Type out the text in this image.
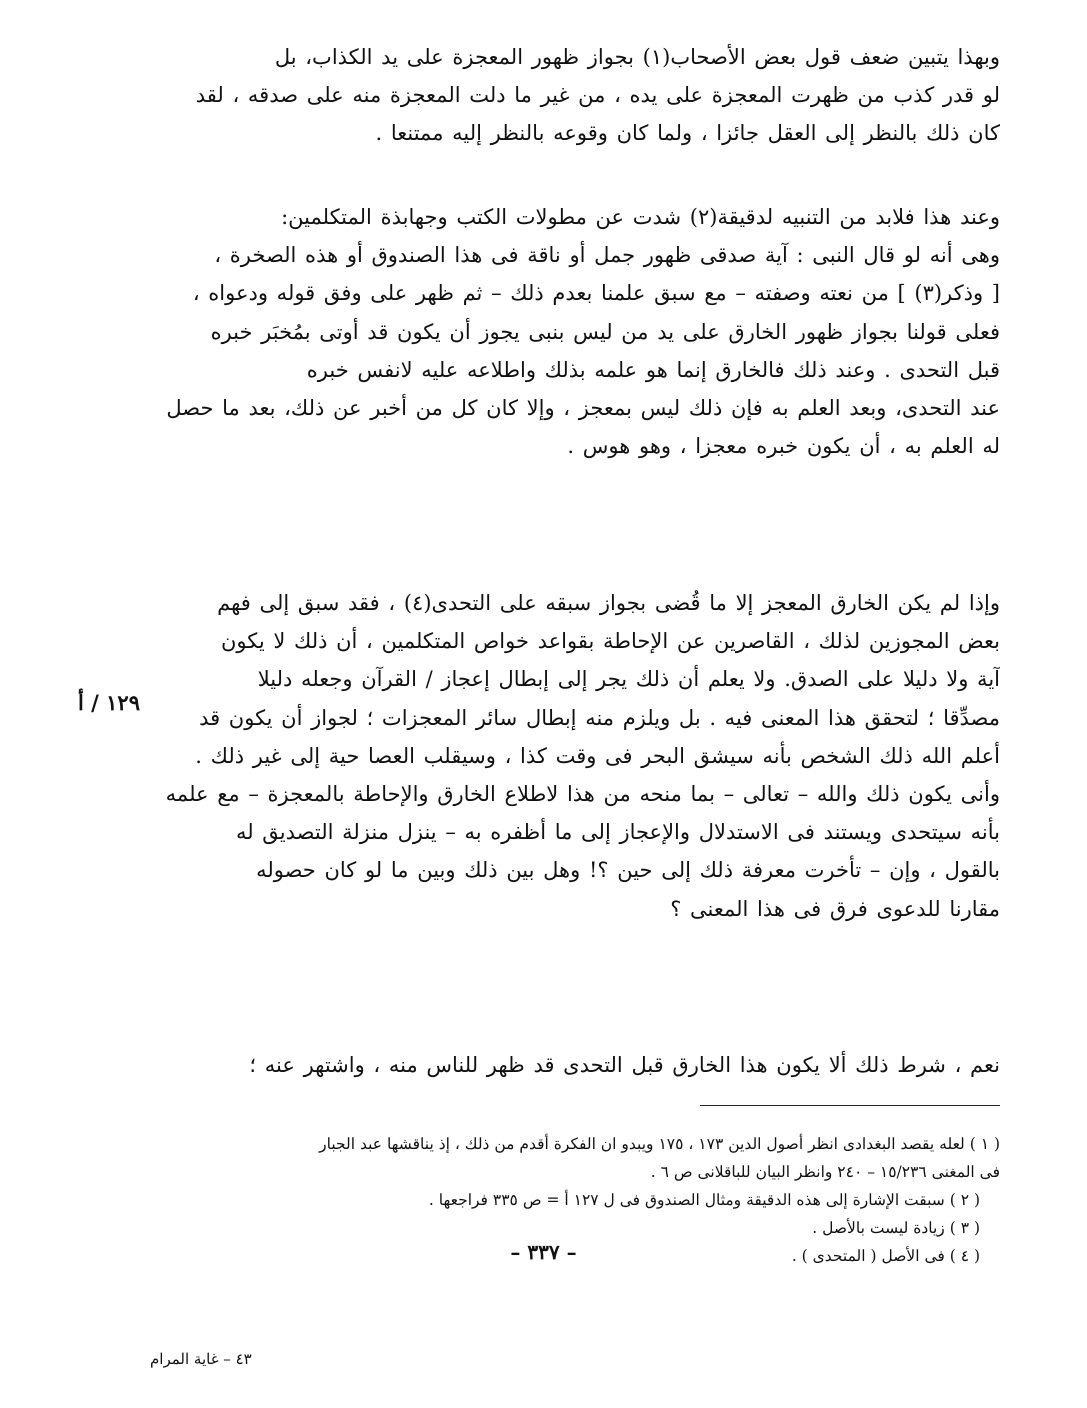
وبهذا يتبين ضعف قول بعض الأصحاب(١) بجواز ظهور المعجزة على يد الكذاب، بل
لو قدر كذب من ظهرت المعجزة على يده ، من غير ما دلت المعجزة منه على صدقه ، لقد
كان ذلك بالنظر إلى العقل جائزا ، ولما كان وقوعه بالنظر إليه ممتنعا .
وعند هذا فلابد من التنبيه لدقيقة(٢) شدت عن مطولات الكتب وجهابذة المتكلمين:
وهى أنه لو قال النبى : آية صدقى ظهور جمل أو ناقة فى هذا الصندوق أو هذه الصخرة ،
[ وذكر(٣) ] من نعته وصفته – مع سبق علمنا بعدم ذلك – ثم ظهر على وفق قوله ودعواه ،
فعلى قولنا بجواز ظهور الخارق على يد من ليس بنبى يجوز أن يكون قد أوتى بمُخبَر خبره
قبل التحدى . وعند ذلك فالخارق إنما هو علمه بذلك واطلاعه عليه لانفس خبره
عند التحدى، وبعد العلم به فإن ذلك ليس بمعجز ، وإلا كان كل من أخبر عن ذلك، بعد ما حصل
له العلم به ، أن يكون خبره معجزا ، وهو هوس .
وإذا لم يكن الخارق المعجز إلا ما قُضى بجواز سبقه على التحدى(٤) ، فقد سبق إلى فهم
بعض المجوزين لذلك ، القاصرين عن الإحاطة بقواعد خواص المتكلمين ، أن ذلك لا يكون
آية ولا دليلا على الصدق. ولا يعلم أن ذلك يجر إلى إبطال إعجاز / القرآن وجعله دليلا
مصدِّقا ؛ لتحقق هذا المعنى فيه . بل ويلزم منه إبطال سائر المعجزات ؛ لجواز أن يكون قد
أعلم الله ذلك الشخص بأنه سيشق البحر فى وقت كذا ، وسيقلب العصا حية إلى غير ذلك .
وأنى يكون ذلك والله – تعالى – بما منحه من هذا لاطلاع الخارق والإحاطة بالمعجزة – مع علمه
بأنه سيتحدى ويستند فى الاستدلال والإعجاز إلى ما أظفره به – ينزل منزلة التصديق له
بالقول ، وإن – تأخرت معرفة ذلك إلى حين ؟! وهل بين ذلك وبين ما لو كان حصوله
مقارنا للدعوى فرق فى هذا المعنى ؟
١٢٩ / أ
نعم ، شرط ذلك ألا يكون هذا الخارق قبل التحدى قد ظهر للناس منه ، واشتهر عنه ؛
( ١ ) لعله يقصد البغدادى انظر أصول الدين ١٧٣ ، ١٧٥ ويبدو ان الفكرة أقدم من ذلك ، إذ يناقشها عبد الجبار
فى المغنى ١٥/٢٣٦ – ٢٤٠ وانظر البيان للباقلانى ص ٦ .
( ٢ ) سبقت الإشارة إلى هذه الدقيقة ومثال الصندوق فى ل ١٢٧ أ = ص ٣٣٥ فراجعها .
( ٣ ) زيادة ليست بالأصل .
( ٤ ) فى الأصل ( المتحدى ) .
– ٣٣٧ –
٤٣ – غاية المرام
